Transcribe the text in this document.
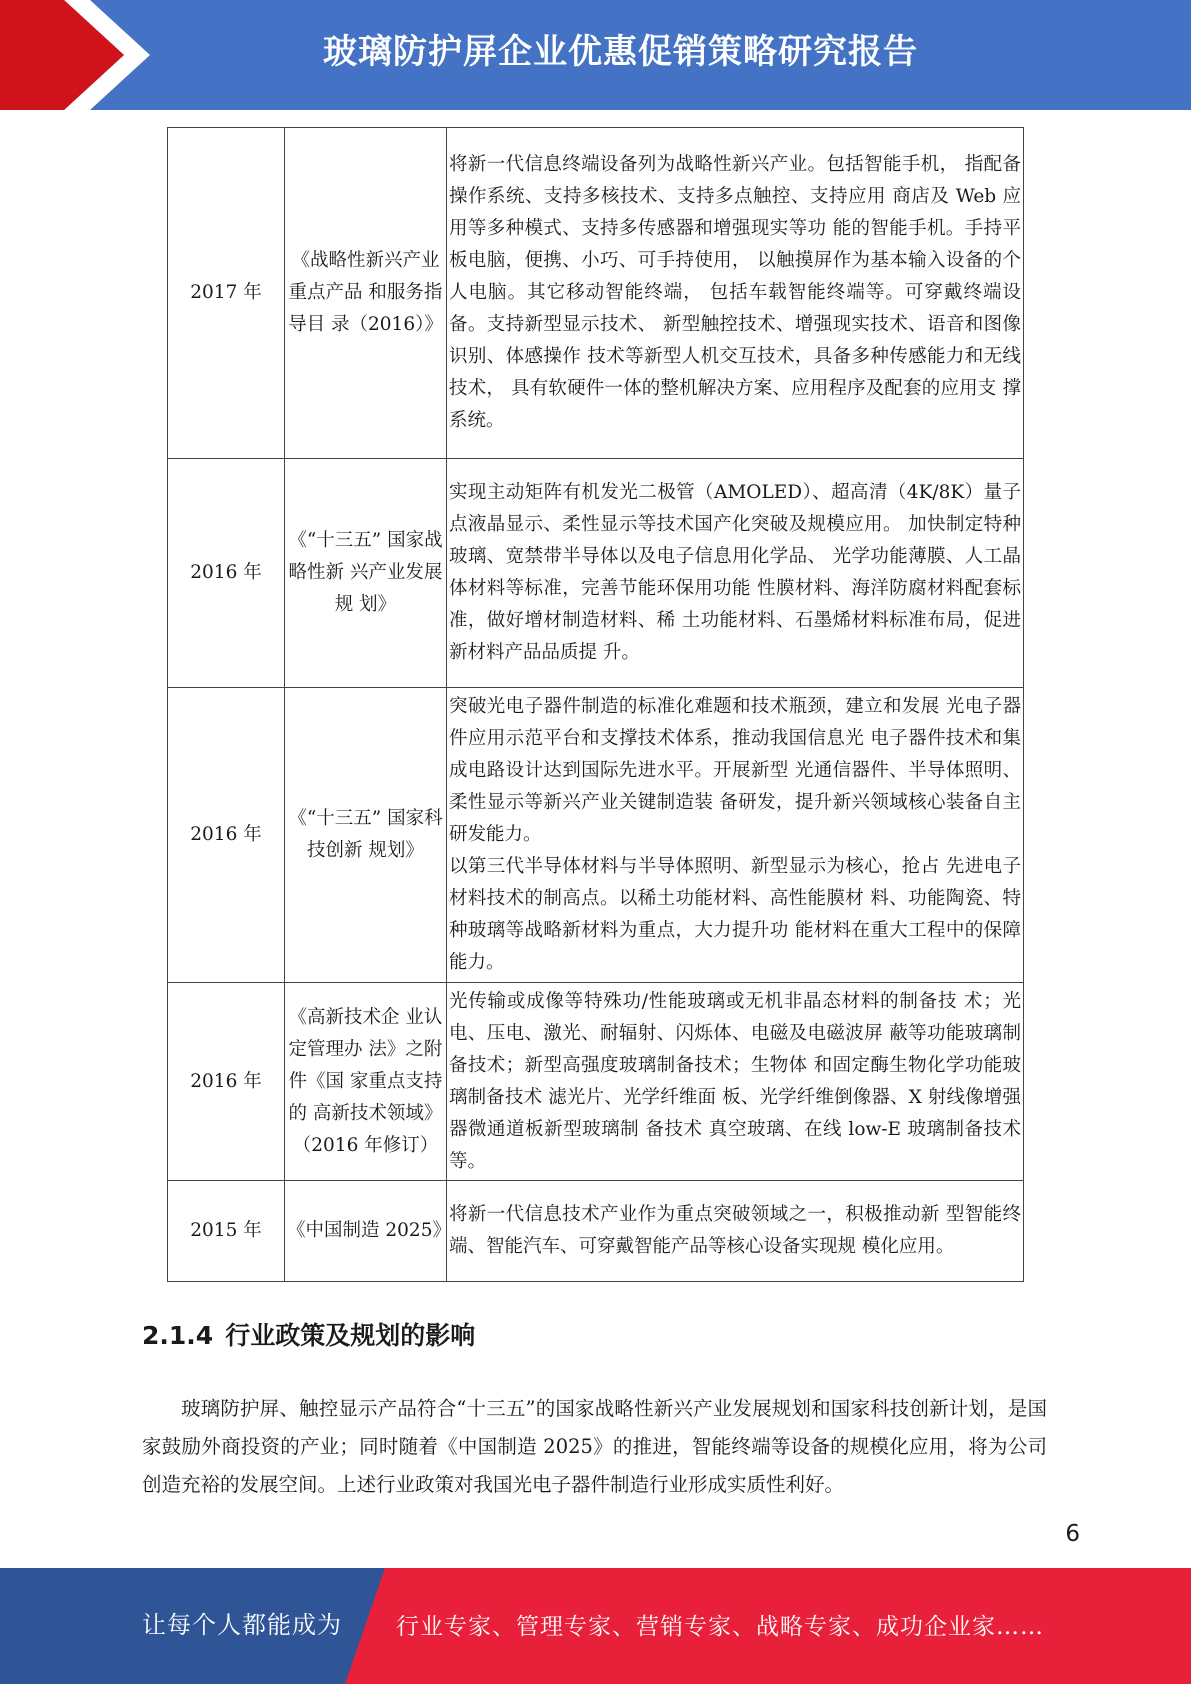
玻璃防护屏企业优惠促销策略研究报告
2017 年	《战略性新兴产业重点产品 和服务指导目 录（2016）》	将新一代信息终端设备列为战略性新兴产业。包括智能手机， 指配备操作系统、支持多核技术、支持多点触控、支持应用 商店及 Web 应用等多种模式、支持多传感器和增强现实等功 能的智能手机。手持平板电脑，便携、小巧、可手持使用， 以触摸屏作为基本输入设备的个人电脑。其它移动智能终端， 包括车载智能终端等。可穿戴终端设备。支持新型显示技术、 新型触控技术、增强现实技术、语音和图像识别、体感操作 技术等新型人机交互技术，具备多种传感能力和无线技术， 具有软硬件一体的整机解决方案、应用程序及配套的应用支 撑系统。

2016 年	《“十三五” 国家战略性新 兴产业发展规 划》	实现主动矩阵有机发光二极管（AMOLED）、超高清（4K/8K）量子点液晶显示、柔性显示等技术国产化突破及规模应用。 加快制定特种玻璃、宽禁带半导体以及电子信息用化学品、 光学功能薄膜、人工晶体材料等标准，完善节能环保用功能 性膜材料、海洋防腐材料配套标准，做好增材制造材料、稀 土功能材料、石墨烯材料标准布局，促进新材料产品品质提 升。

2016 年	《“十三五” 国家科技创新 规划》	突破光电子器件制造的标准化难题和技术瓶颈，建立和发展 光电子器件应用示范平台和支撑技术体系，推动我国信息光 电子器件技术和集成电路设计达到国际先进水平。开展新型 光通信器件、半导体照明、柔性显示等新兴产业关键制造装 备研发，提升新兴领域核心装备自主研发能力。

以第三代半导体材料与半导体照明、新型显示为核心，抢占 先进电子材料技术的制高点。以稀土功能材料、高性能膜材 料、功能陶瓷、特种玻璃等战略新材料为重点，大力提升功 能材料在重大工程中的保障能力。

2016 年	《高新技术企 业认定管理办 法》之附件《国 家重点支持的 高新技术领域》（2016 年修订）	光传输或成像等特殊功/性能玻璃或无机非晶态材料的制备技 术；光电、压电、激光、耐辐射、闪烁体、电磁及电磁波屏 蔽等功能玻璃制备技术；新型高强度玻璃制备技术；生物体 和固定酶生物化学功能玻璃制备技术 滤光片、光学纤维面 板、光学纤维倒像器、X 射线像增强器微通道板新型玻璃制 备技术 真空玻璃、在线 low-E 玻璃制备技术等。

2015 年	《中国制造 2025》	将新一代信息技术产业作为重点突破领域之一，积极推动新 型智能终端、智能汽车、可穿戴智能产品等核心设备实现规 模化应用。

2.1.4 行业政策及规划的影响

玻璃防护屏、触控显示产品符合“十三五”的国家战略性新兴产业发展规划和国家科技创新计划，是国家鼓励外商投资的产业；同时随着《中国制造 2025》的推进，智能终端等设备的规模化应用，将为公司创造充裕的发展空间。上述行业政策对我国光电子器件制造行业形成实质性利好。

6
让每个人都能成为 行业专家、管理专家、营销专家、战略专家、成功企业家……
